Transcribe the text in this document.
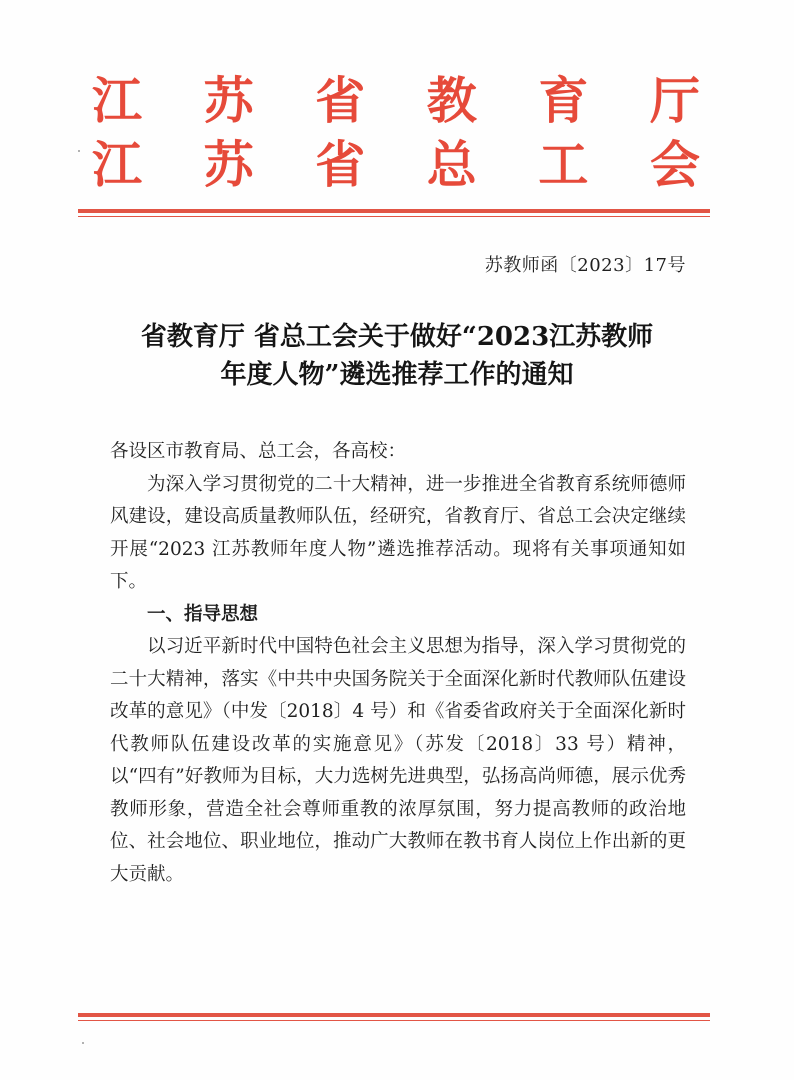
江 苏 省 教 育 厅
江 苏 省 总 工 会
苏教师函〔2023〕17号
省教育厅 省总工会关于做好“2023江苏教师
年度人物”遴选推荐工作的通知

各设区市教育局、总工会，各高校：

为深入学习贯彻党的二十大精神，进一步推进全省教育系统师德师风建设，建设高质量教师队伍，经研究，省教育厅、省总工会决定继续开展“2023 江苏教师年度人物”遴选推荐活动。现将有关事项通知如下。

一、指导思想

以习近平新时代中国特色社会主义思想为指导，深入学习贯彻党的二十大精神，落实《中共中央国务院关于全面深化新时代教师队伍建设改革的意见》（中发〔2018〕4 号）和《省委省政府关于全面深化新时代教师队伍建设改革的实施意见》（苏发〔2018〕33 号）精神，以“四有”好教师为目标，大力选树先进典型，弘扬高尚师德，展示优秀教师形象，营造全社会尊师重教的浓厚氛围，努力提高教师的政治地位、社会地位、职业地位，推动广大教师在教书育人岗位上作出新的更大贡献。
